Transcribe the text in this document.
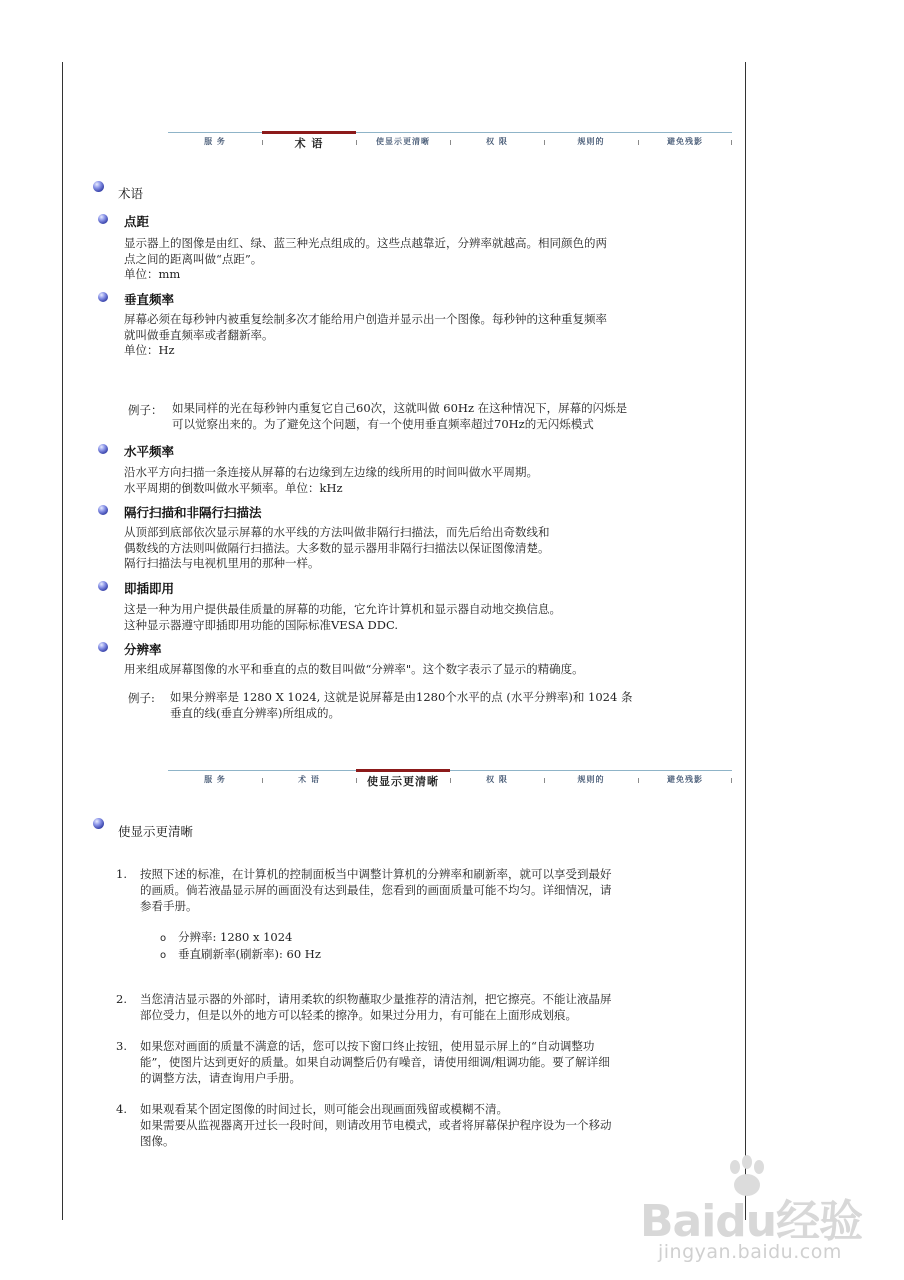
服 务	术 语	使显示更清晰	权 限	规则的	避免残影
术语
点距
显示器上的图像是由红、绿、蓝三种光点组成的。这些点越靠近，分辨率就越高。相同颜色的两
点之间的距离叫做“点距”。
单位：mm
垂直频率
屏幕必须在每秒钟内被重复绘制多次才能给用户创造并显示出一个图像。每秒钟的这种重复频率
就叫做垂直频率或者翻新率。
单位：Hz
例子： 如果同样的光在每秒钟内重复它自己60次，这就叫做 60Hz 在这种情况下，屏幕的闪烁是
可以觉察出来的。为了避免这个问题，有一个使用垂直频率超过70Hz的无闪烁模式
水平频率
沿水平方向扫描一条连接从屏幕的右边缘到左边缘的线所用的时间叫做水平周期。
水平周期的倒数叫做水平频率。单位：kHz
隔行扫描和非隔行扫描法
从顶部到底部依次显示屏幕的水平线的方法叫做非隔行扫描法，而先后给出奇数线和
偶数线的方法则叫做隔行扫描法。大多数的显示器用非隔行扫描法以保证图像清楚。
隔行扫描法与电视机里用的那种一样。
即插即用
这是一种为用户提供最佳质量的屏幕的功能，它允许计算机和显示器自动地交换信息。
这种显示器遵守即插即用功能的国际标准VESA DDC.
分辨率
用来组成屏幕图像的水平和垂直的点的数目叫做“分辨率"。这个数字表示了显示的精确度。
例子: 如果分辨率是 1280 X 1024, 这就是说屏幕是由1280个水平的点 (水平分辨率)和 1024 条
垂直的线(垂直分辨率)所组成的。
服 务	术 语	使显示更清晰	权 限	规则的	避免残影
使显示更清晰
1. 按照下述的标准，在计算机的控制面板当中调整计算机的分辨率和刷新率，就可以享受到最好
的画质。倘若液晶显示屏的画面没有达到最佳，您看到的画面质量可能不均匀。详细情况，请
参看手册。
o 分辨率: 1280 x 1024
o 垂直刷新率(刷新率): 60 Hz
2. 当您清洁显示器的外部时，请用柔软的织物蘸取少量推荐的清洁剂，把它擦亮。不能让液晶屏
部位受力，但是以外的地方可以轻柔的擦净。如果过分用力，有可能在上面形成划痕。
3. 如果您对画面的质量不满意的话，您可以按下窗口终止按钮，使用显示屏上的“自动调整功
能”，使图片达到更好的质量。如果自动调整后仍有噪音，请使用细调/粗调功能。要了解详细
的调整方法，请查询用户手册。
4. 如果观看某个固定图像的时间过长，则可能会出现画面残留或模糊不清。
如果需要从监视器离开过长一段时间，则请改用节电模式，或者将屏幕保护程序设为一个移动
图像。
Baidu经验
jingyan.baidu.com
